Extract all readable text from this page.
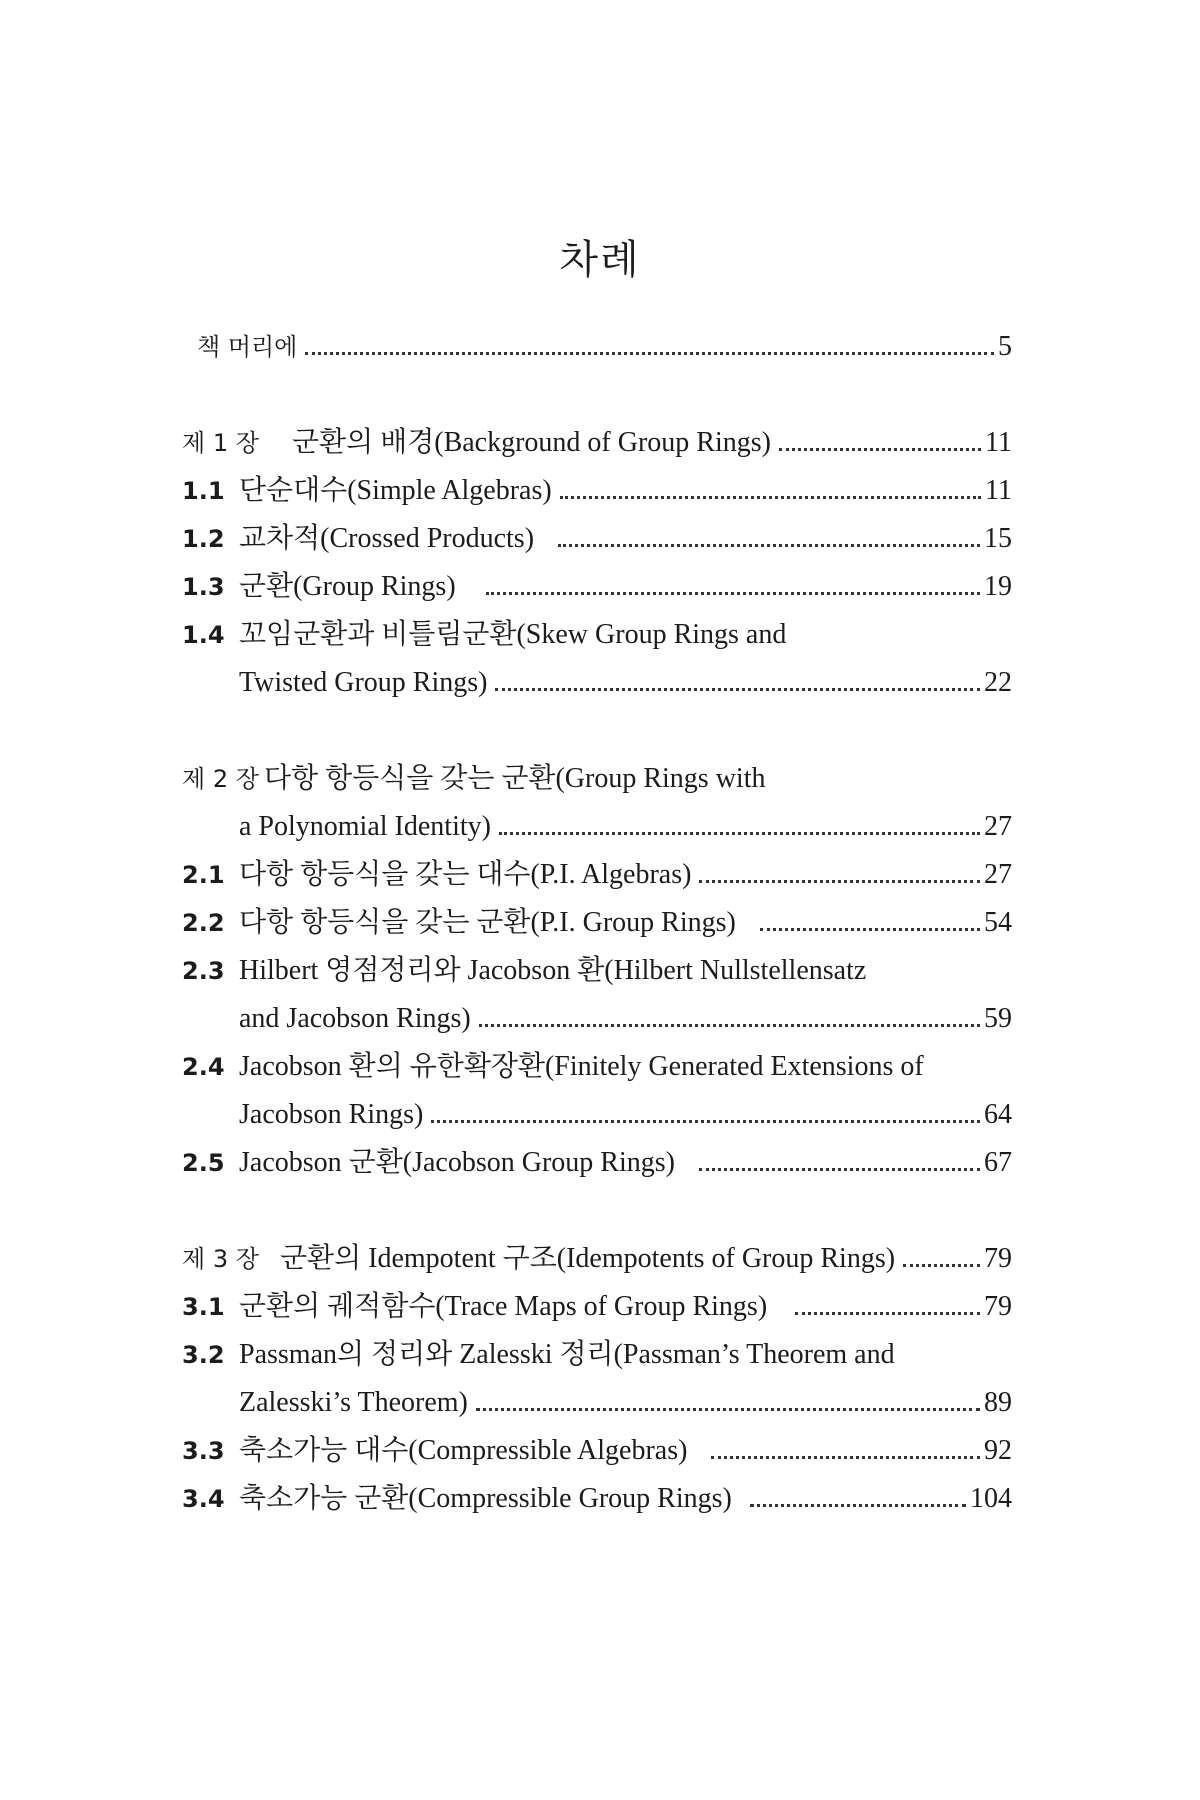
차례
책 머리에	5
제 1 장	군환의 배경(Background of Group Rings)	11
1.1 단순대수(Simple Algebras)	11
1.2 교차적(Crossed Products)	15
1.3 군환(Group Rings)	19
1.4 꼬임군환과 비틀림군환(Skew Group Rings and
Twisted Group Rings)	22
제 2 장 다항 항등식을 갖는 군환(Group Rings with
a Polynomial Identity)	27
2.1 다항 항등식을 갖는 대수(P.I. Algebras)	27
2.2 다항 항등식을 갖는 군환(P.I. Group Rings)	54
2.3 Hilbert 영점정리와 Jacobson 환(Hilbert Nullstellensatz
and Jacobson Rings)	59
2.4 Jacobson 환의 유한확장환(Finitely Generated Extensions of
Jacobson Rings)	64
2.5 Jacobson 군환(Jacobson Group Rings)	67
제 3 장 군환의 Idempotent 구조(Idempotents of Group Rings)	79
3.1 군환의 궤적함수(Trace Maps of Group Rings)	79
3.2 Passman의 정리와 Zalesski 정리(Passman’s Theorem and
Zalesski’s Theorem)	89
3.3 축소가능 대수(Compressible Algebras)	92
3.4 축소가능 군환(Compressible Group Rings)	104
